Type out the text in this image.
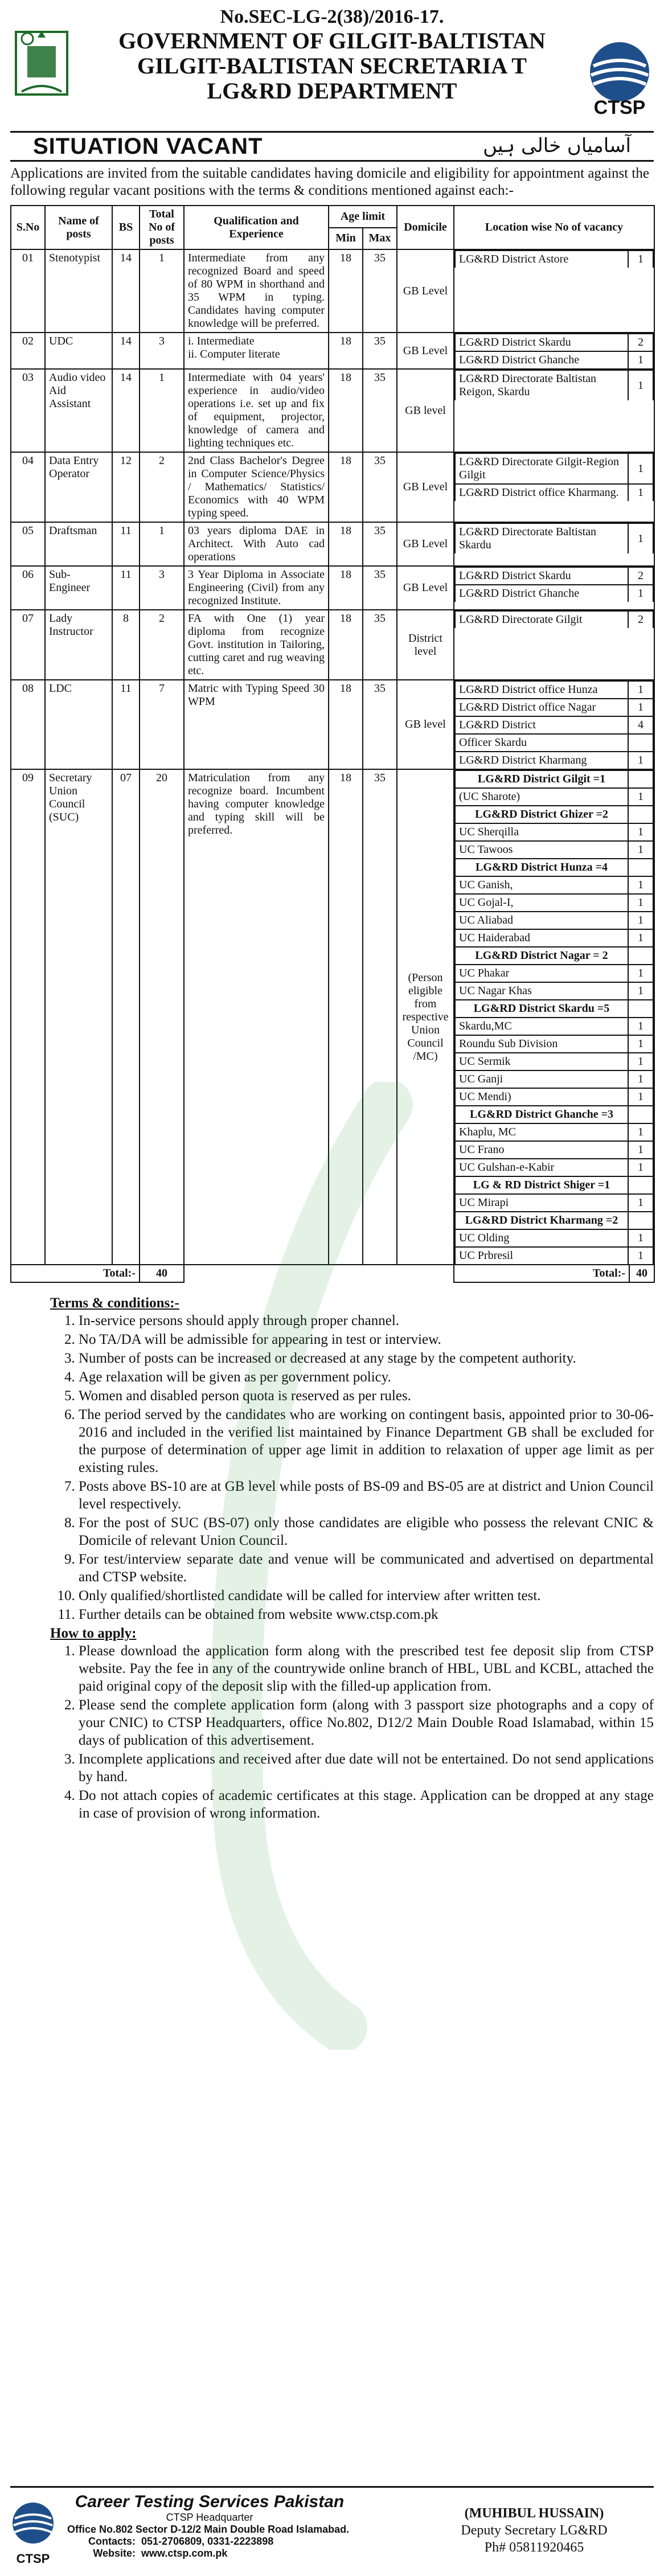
No.SEC-LG-2(38)/2016-17.
GOVERNMENT OF GILGIT-BALTISTAN
GILGIT-BALTISTAN SECRETARIA T
LG&RD DEPARTMENT
CTSP
SITUATION VACANT	آسامیاں خالی ہیں
Applications are invited from the suitable candidates having domicile and eligibility for appointment against the following regular vacant positions with the terms & conditions mentioned against each:-
S.No	Name of posts	BS	Total No of posts	Qualification and Experience	Age limit	Domicile	Location wise No of vacancy
Min	Max
01	Stenotypist	14	1	Intermediate from any recognized Board and speed of 80 WPM in shorthand and 35 WPM in typing. Candidates having computer knowledge will be preferred.	18	35	GB Level	
LG&RD District Astore	1

02	UDC	14	3	i. Intermediate
ii. Computer literate	18	35	GB Level	
LG&RD District Skardu	2
LG&RD District Ghanche	1

03	Audio video Aid Assistant	14	1	Intermediate with 04 years' experience in audio/video operations i.e. set up and fix of equipment, projector, knowledge of camera and lighting techniques etc.	18	35	GB level	
LG&RD Directorate Baltistan Reigon, Skardu	1

04	Data Entry Operator	12	2	2nd Class Bachelor's Degree in Computer Science/Physics / Mathematics/ Statistics/ Economics with 40 WPM typing speed.	18	35	GB Level	
LG&RD Directorate Gilgit-Region Gilgit	1
LG&RD District office Kharmang.	1

05	Draftsman	11	1	03 years diploma DAE in Architect. With Auto cad operations	18	35	GB Level	
LG&RD Directorate Baltistan Skardu	1

06	Sub-Engineer	11	3	3 Year Diploma in Associate Engineering (Civil) from any recognized Institute.	18	35	GB Level	
LG&RD District Skardu	2
LG&RD District Ghanche	1

07	Lady Instructor	8	2	FA with One (1) year diploma from recognize Govt. institution in Tailoring, cutting caret and rug weaving etc.	18	35	District level	
LG&RD Directorate Gilgit	2

08	LDC	11	7	Matric with Typing Speed 30 WPM	18	35	GB level	
LG&RD District office Hunza	1
LG&RD District office Nagar	1
LG&RD District	4
Officer Skardu	
LG&RD District Kharmang	1

09	Secretary Union Council (SUC)	07	20	Matriculation from any recognize board. Incumbent having computer knowledge and typing skill will be preferred.	18	35	(Person eligible from respective Union Council /MC)	
LG&RD District Gilgit =1	
(UC Sharote)	1
LG&RD District Ghizer =2	
UC Sherqilla	1
UC Tawoos	1
LG&RD District Hunza =4	
UC Ganish,	1
UC Gojal-I,	1
UC Aliabad	1
UC Haiderabad	1
LG&RD District Nagar = 2	
UC Phakar	1
UC Nagar Khas	1
LG&RD District Skardu =5	
Skardu,MC	1
Roundu Sub Division	1
UC Sermik	1
UC Ganji	1
UC Mendi)	1
LG&RD District Ghanche =3	
Khaplu, MC	1
UC Frano	1
UC Gulshan-e-Kabir	1
LG & RD District Shiger =1	
UC Mirapi	1
LG&RD District Kharmang =2	
UC Olding	1
UC Prbresil	1

Total:-	40			Total:-	40
Terms & conditions:-
1. In-service persons should apply through proper channel.
2. No TA/DA will be admissible for appearing in test or interview.
3. Number of posts can be increased or decreased at any stage by the competent authority.
4. Age relaxation will be given as per government policy.
5. Women and disabled person quota is reserved as per rules.
6. The period served by the candidates who are working on contingent basis, appointed prior to 30-06-2016 and included in the verified list maintained by Finance Department GB shall be excluded for the purpose of determination of upper age limit in addition to relaxation of upper age limit as per existing rules.
7. Posts above BS-10 are at GB level while posts of BS-09 and BS-05 are at district and Union Council level respectively.
8. For the post of SUC (BS-07) only those candidates are eligible who possess the relevant CNIC & Domicile of relevant Union Council.
9. For test/interview separate date and venue will be communicated and advertised on departmental and CTSP website.
10. Only qualified/shortlisted candidate will be called for interview after written test.
11. Further details can be obtained from website www.ctsp.com.pk
How to apply:
1. Please download the application form along with the prescribed test fee deposit slip from CTSP website. Pay the fee in any of the countrywide online branch of HBL, UBL and KCBL, attached the paid original copy of the deposit slip with the filled-up application from.
2. Please send the complete application form (along with 3 passport size photographs and a copy of your CNIC) to CTSP Headquarters, office No.802, D12/2 Main Double Road Islamabad, within 15 days of publication of this advertisement.
3. Incomplete applications and received after due date will not be entertained. Do not send applications by hand.
4. Do not attach copies of academic certificates at this stage. Application can be dropped at any stage in case of provision of wrong information.
CTSP
Career Testing Services Pakistan
CTSP Headquarter
Office No.802 Sector D-12/2 Main Double Road Islamabad.
Contacts: 051-2706809, 0331-2223898
Website: www.ctsp.com.pk
(MUHIBUL HUSSAIN)
Deputy Secretary LG&RD
Ph# 05811920465
